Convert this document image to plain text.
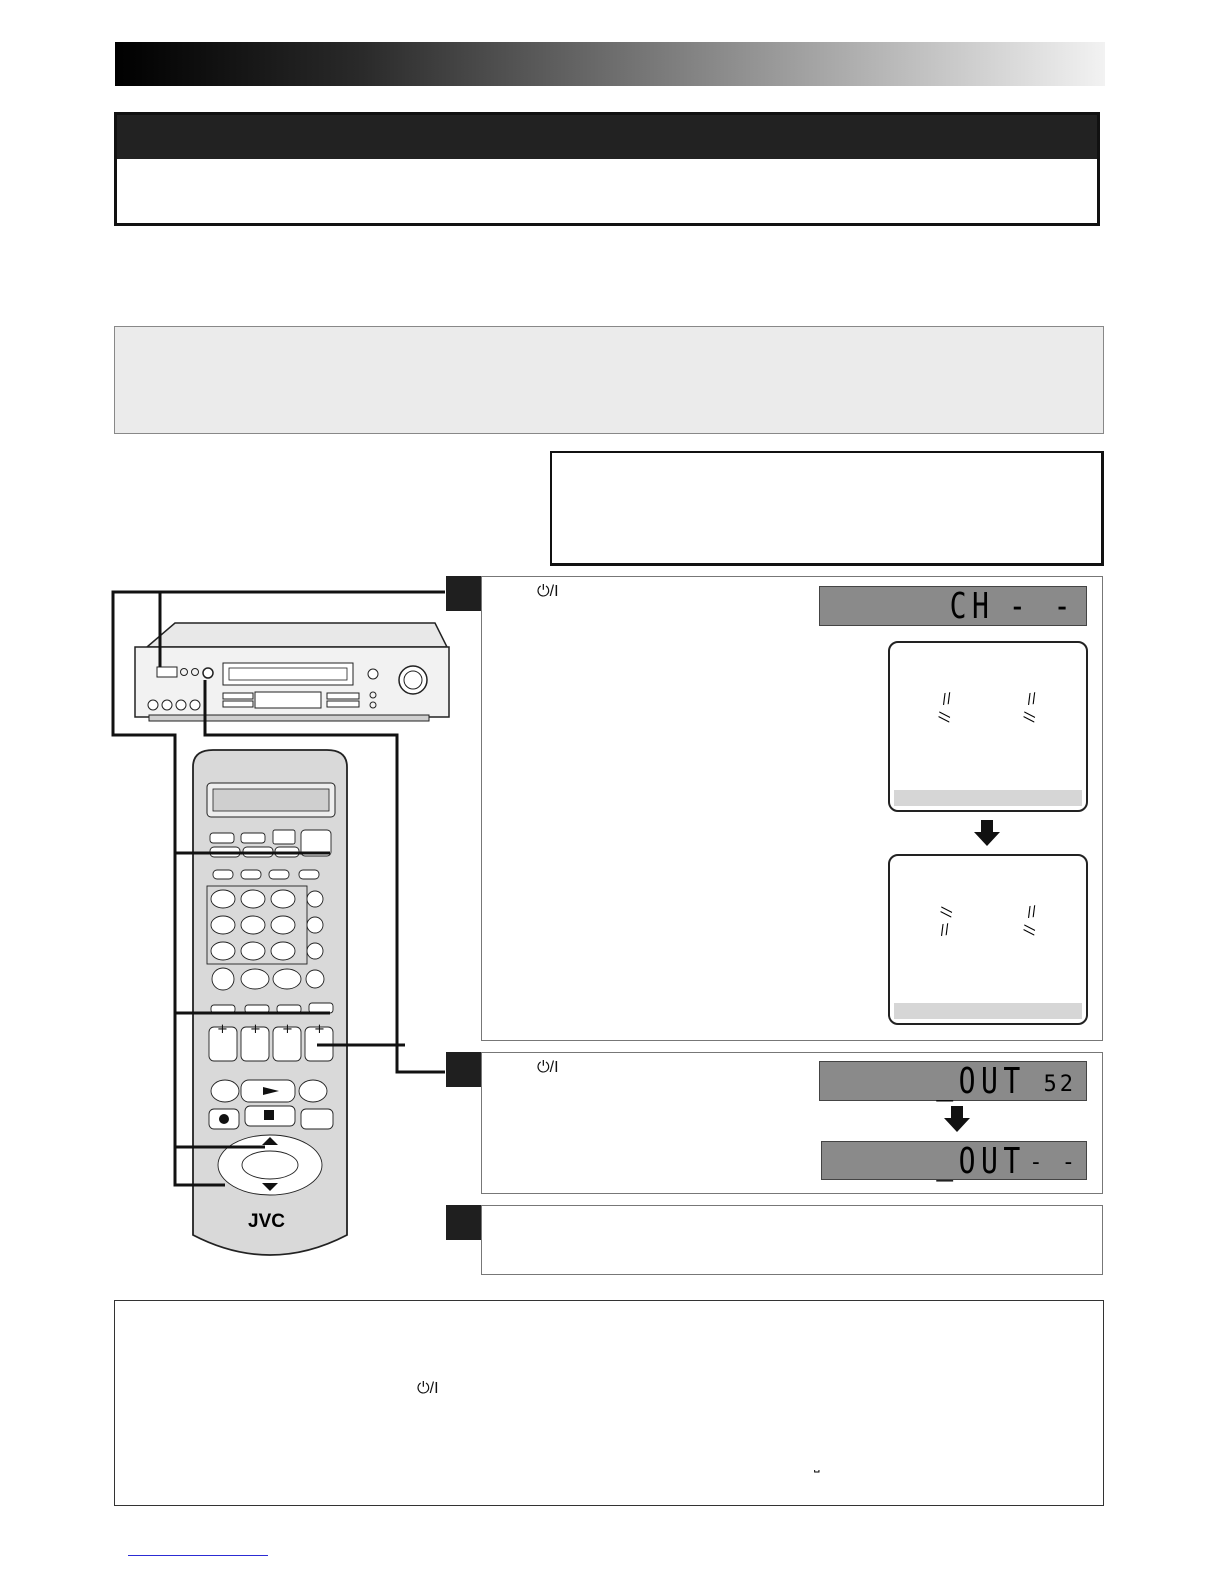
+ + + +
JVC
⏻/I	CH - -
//	//
//	//
//	//
//	//
⏻/I	_OUT 52
_OUT - -
⏻/I
⎵
